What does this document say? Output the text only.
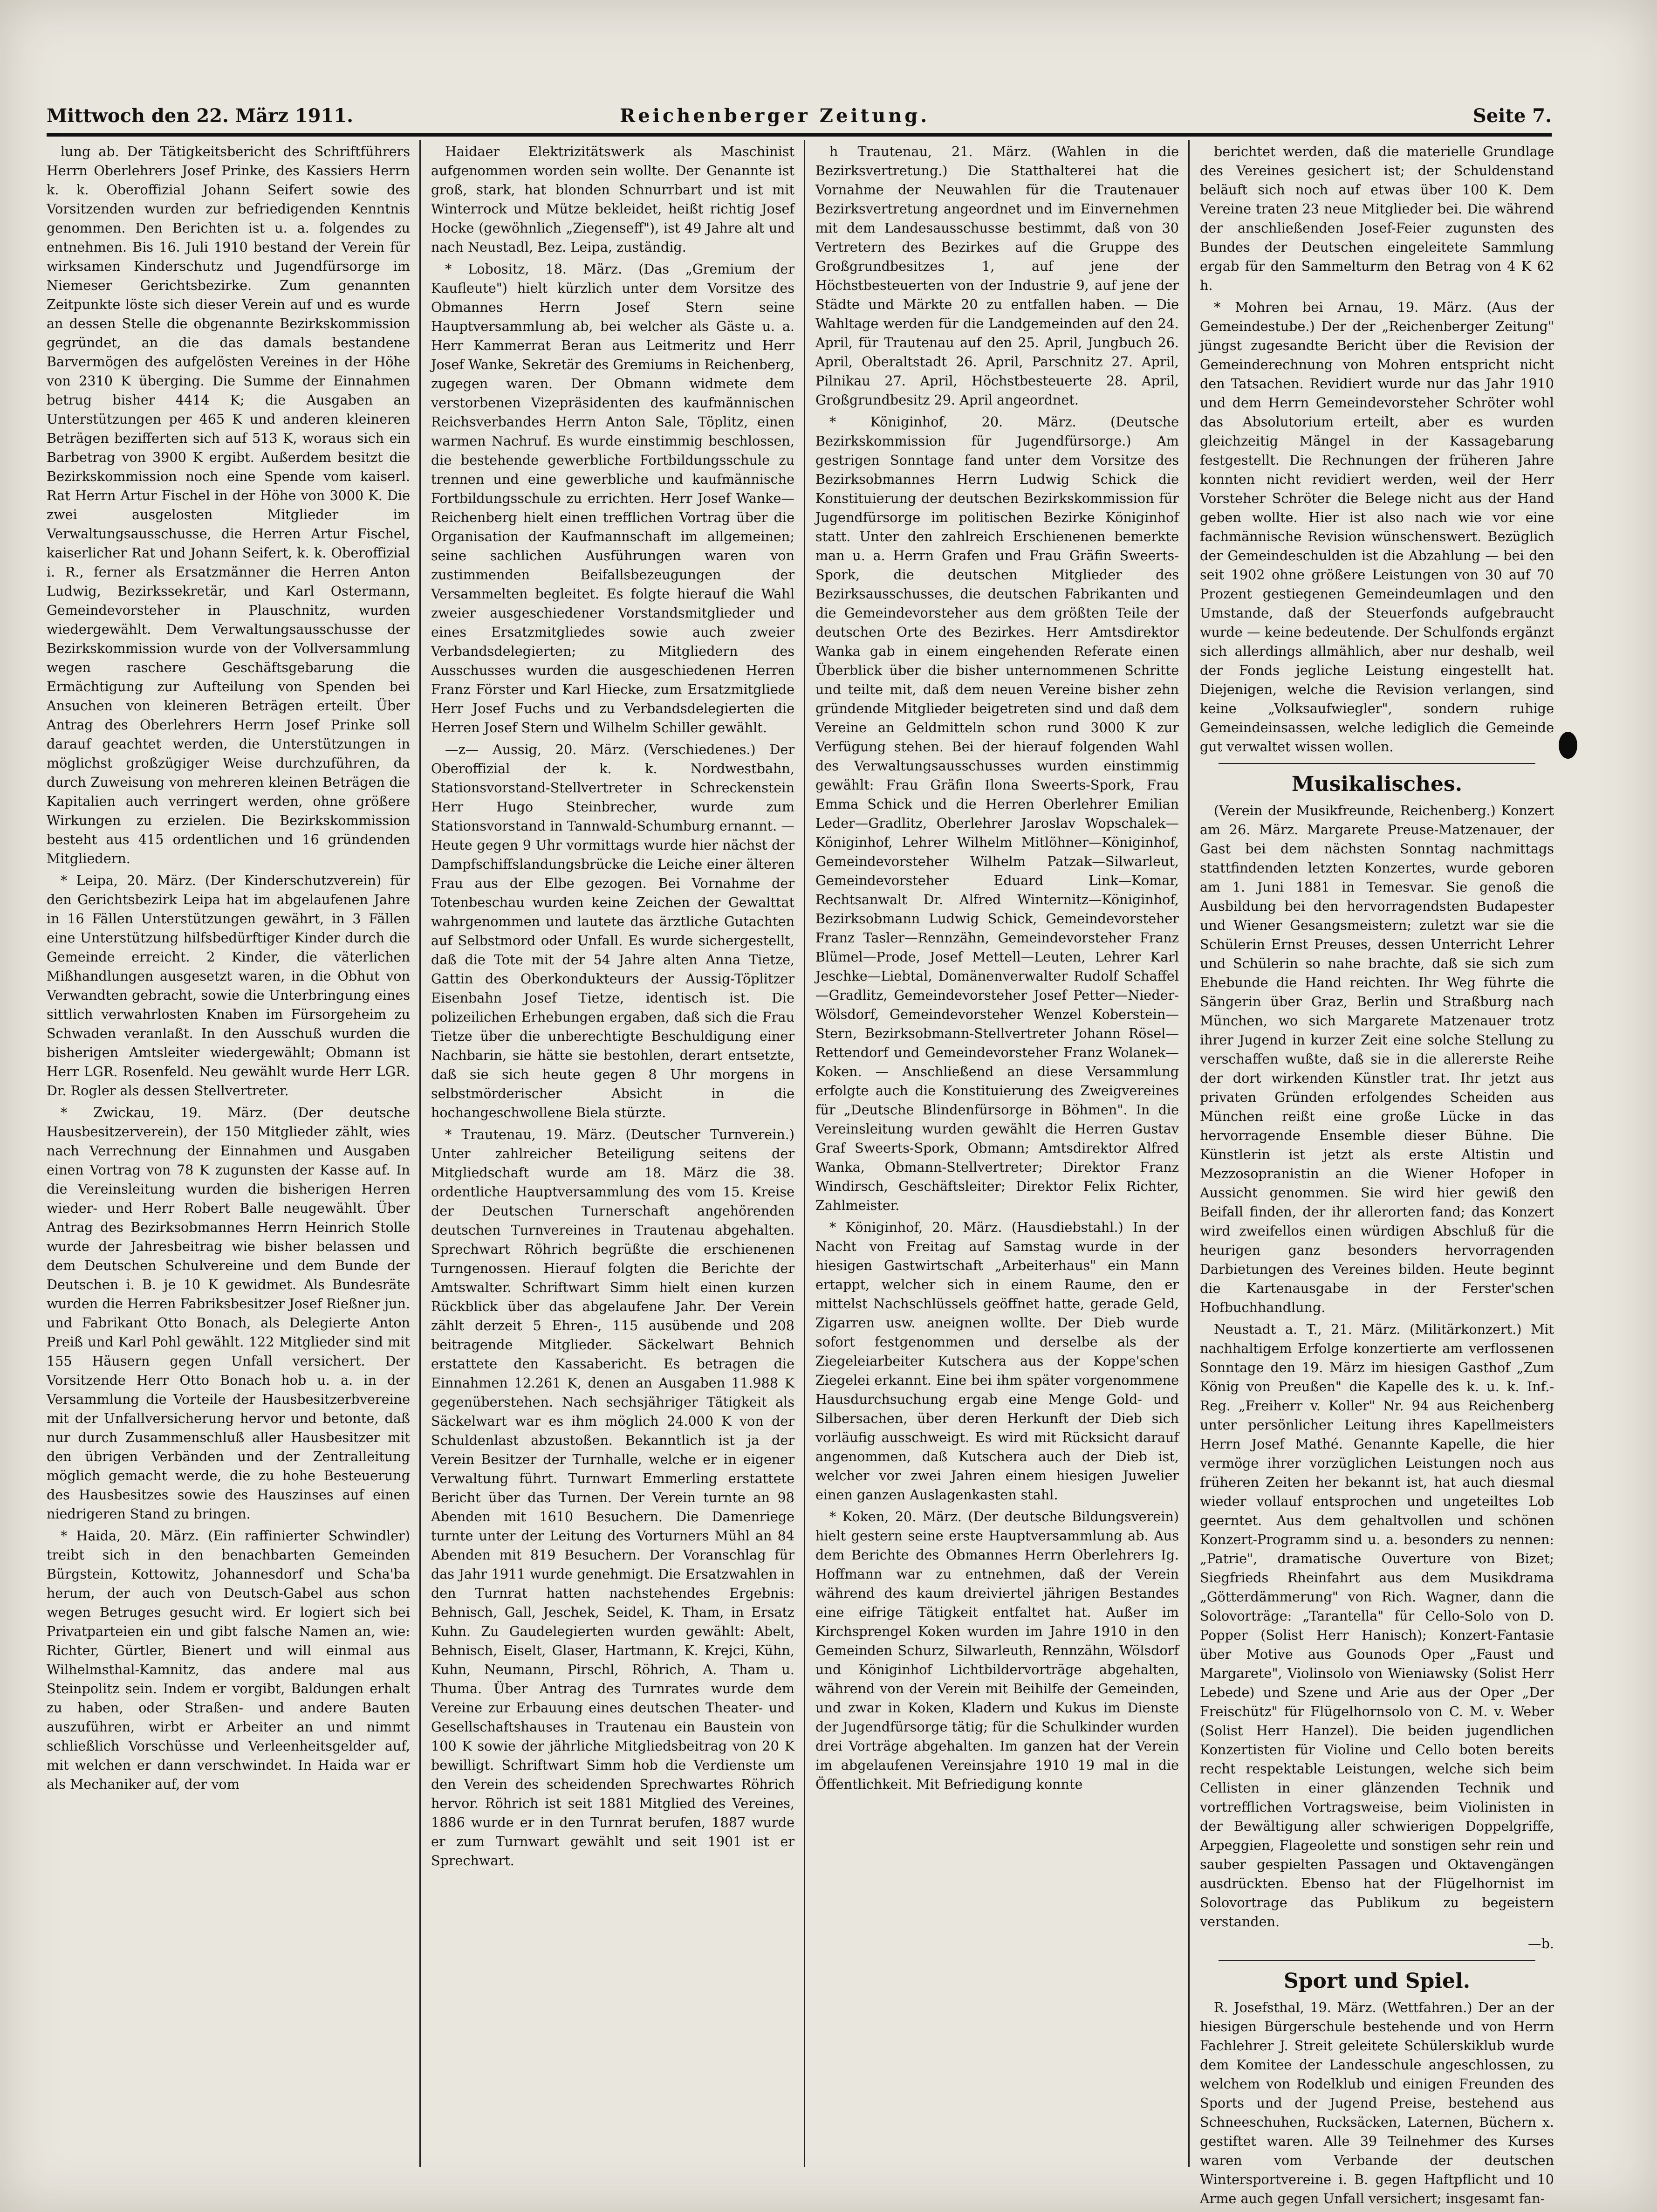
Mittwoch den 22. März 1911.	Reichenberger Zeitung.	Seite 7.

lung ab. Der Tätigkeitsbericht des Schriftführers Herrn Oberlehrers Josef Prinke, des Kassiers Herrn k. k. Oberoffizial Johann Seifert sowie des Vorsitzenden wurden zur befriedigenden Kenntnis genommen. Den Berichten ist u. a. folgendes zu entnehmen. Bis 16. Juli 1910 bestand der Verein für wirksamen Kinderschutz und Jugendfürsorge im Niemeser Gerichtsbezirke. Zum genannten Zeitpunkte löste sich dieser Verein auf und es wurde an dessen Stelle die obgenannte Bezirkskommission gegründet, an die das damals bestandene Barvermögen des aufgelösten Vereines in der Höhe von 2310 K überging. Die Summe der Einnahmen betrug bisher 4414 K; die Ausgaben an Unterstützungen per 465 K und anderen kleineren Beträgen bezifferten sich auf 513 K, woraus sich ein Barbetrag von 3900 K ergibt. Außerdem besitzt die Bezirkskommission noch eine Spende vom kaiserl. Rat Herrn Artur Fischel in der Höhe von 3000 K. Die zwei ausgelosten Mitglieder im Verwaltungsausschusse, die Herren Artur Fischel, kaiserlicher Rat und Johann Seifert, k. k. Oberoffizial i. R., ferner als Ersatzmänner die Herren Anton Ludwig, Bezirkssekretär, und Karl Ostermann, Gemeindevorsteher in Plauschnitz, wurden wiedergewählt. Dem Verwaltungsausschusse der Bezirkskommission wurde von der Vollversammlung wegen raschere Geschäftsgebarung die Ermächtigung zur Aufteilung von Spenden bei Ansuchen von kleineren Beträgen erteilt. Über Antrag des Oberlehrers Herrn Josef Prinke soll darauf geachtet werden, die Unterstützungen in möglichst großzügiger Weise durchzuführen, da durch Zuweisung von mehreren kleinen Beträgen die Kapitalien auch verringert werden, ohne größere Wirkungen zu erzielen. Die Bezirkskommission besteht aus 415 ordentlichen und 16 gründenden Mitgliedern.

* Leipa, 20. März. (Der Kinderschutzverein) für den Gerichtsbezirk Leipa hat im abgelaufenen Jahre in 16 Fällen Unterstützungen gewährt, in 3 Fällen eine Unterstützung hilfsbedürftiger Kinder durch die Gemeinde erreicht. 2 Kinder, die väterlichen Mißhandlungen ausgesetzt waren, in die Obhut von Verwandten gebracht, sowie die Unterbringung eines sittlich verwahrlosten Knaben im Fürsorgeheim zu Schwaden veranlaßt. In den Ausschuß wurden die bisherigen Amtsleiter wiedergewählt; Obmann ist Herr LGR. Rosenfeld. Neu gewählt wurde Herr LGR. Dr. Rogler als dessen Stellvertreter.

* Zwickau, 19. März. (Der deutsche Hausbesitzerverein), der 150 Mitglieder zählt, wies nach Verrechnung der Einnahmen und Ausgaben einen Vortrag von 78 K zugunsten der Kasse auf. In die Vereinsleitung wurden die bisherigen Herren wieder- und Herr Robert Balle neugewählt. Über Antrag des Bezirksobmannes Herrn Heinrich Stolle wurde der Jahresbeitrag wie bisher belassen und dem Deutschen Schulvereine und dem Bunde der Deutschen i. B. je 10 K gewidmet. Als Bundesräte wurden die Herren Fabriksbesitzer Josef Rießner jun. und Fabrikant Otto Bonach, als Delegierte Anton Preiß und Karl Pohl gewählt. 122 Mitglieder sind mit 155 Häusern gegen Unfall versichert. Der Vorsitzende Herr Otto Bonach hob u. a. in der Versammlung die Vorteile der Hausbesitzerbvereine mit der Unfallversicherung hervor und betonte, daß nur durch Zusammenschluß aller Hausbesitzer mit den übrigen Verbänden und der Zentralleitung möglich gemacht werde, die zu hohe Besteuerung des Hausbesitzes sowie des Hauszinses auf einen niedrigeren Stand zu bringen.

* Haida, 20. März. (Ein raffinierter Schwindler) treibt sich in den benachbarten Gemeinden Bürgstein, Kottowitz, Johannesdorf und Scha'ba herum, der auch von Deutsch-Gabel aus schon wegen Betruges gesucht wird. Er logiert sich bei Privatparteien ein und gibt falsche Namen an, wie: Richter, Gürtler, Bienert und will einmal aus Wilhelmsthal-Kamnitz, das andere mal aus Steinpolitz sein. Indem er vorgibt, Baldungen erhalt zu haben, oder Straßen- und andere Bauten auszuführen, wirbt er Arbeiter an und nimmt schließlich Vorschüsse und Verleenheitsgelder auf, mit welchen er dann verschwindet. In Haida war er als Mechaniker auf, der vom

Haidaer Elektrizitätswerk als Maschinist aufgenommen worden sein wollte. Der Genannte ist groß, stark, hat blonden Schnurrbart und ist mit Winterrock und Mütze bekleidet, heißt richtig Josef Hocke (gewöhnlich „Ziegenseff"), ist 49 Jahre alt und nach Neustadl, Bez. Leipa, zuständig.

* Lobositz, 18. März. (Das „Gremium der Kaufleute") hielt kürzlich unter dem Vorsitze des Obmannes Herrn Josef Stern seine Hauptversammlung ab, bei welcher als Gäste u. a. Herr Kammerrat Beran aus Leitmeritz und Herr Josef Wanke, Sekretär des Gremiums in Reichenberg, zugegen waren. Der Obmann widmete dem verstorbenen Vizepräsidenten des kaufmännischen Reichsverbandes Herrn Anton Sale, Töplitz, einen warmen Nachruf. Es wurde einstimmig beschlossen, die bestehende gewerbliche Fortbildungsschule zu trennen und eine gewerbliche und kaufmännische Fortbildungsschule zu errichten. Herr Josef Wanke—Reichenberg hielt einen trefflichen Vortrag über die Organisation der Kaufmannschaft im allgemeinen; seine sachlichen Ausführungen waren von zustimmenden Beifallsbezeugungen der Versammelten begleitet. Es folgte hierauf die Wahl zweier ausgeschiedener Vorstandsmitglieder und eines Ersatzmitgliedes sowie auch zweier Verbandsdelegierten; zu Mitgliedern des Ausschusses wurden die ausgeschiedenen Herren Franz Förster und Karl Hiecke, zum Ersatzmitgliede Herr Josef Fuchs und zu Verbandsdelegierten die Herren Josef Stern und Wilhelm Schiller gewählt.

—z— Aussig, 20. März. (Verschiedenes.) Der Oberoffizial der k. k. Nordwestbahn, Stationsvorstand-Stellvertreter in Schreckenstein Herr Hugo Steinbrecher, wurde zum Stationsvorstand in Tannwald-Schumburg ernannt. — Heute gegen 9 Uhr vormittags wurde hier nächst der Dampfschiffslandungsbrücke die Leiche einer älteren Frau aus der Elbe gezogen. Bei Vornahme der Totenbeschau wurden keine Zeichen der Gewalttat wahrgenommen und lautete das ärztliche Gutachten auf Selbstmord oder Unfall. Es wurde sichergestellt, daß die Tote mit der 54 Jahre alten Anna Tietze, Gattin des Oberkondukteurs der Aussig-Töplitzer Eisenbahn Josef Tietze, identisch ist. Die polizeilichen Erhebungen ergaben, daß sich die Frau Tietze über die unberechtigte Beschuldigung einer Nachbarin, sie hätte sie bestohlen, derart entsetzte, daß sie sich heute gegen 8 Uhr morgens in selbstmörderischer Absicht in die hochangeschwollene Biela stürzte.

* Trautenau, 19. März. (Deutscher Turnverein.) Unter zahlreicher Beteiligung seitens der Mitgliedschaft wurde am 18. März die 38. ordentliche Hauptversammlung des vom 15. Kreise der Deutschen Turnerschaft angehörenden deutschen Turnvereines in Trautenau abgehalten. Sprechwart Röhrich begrüßte die erschienenen Turngenossen. Hierauf folgten die Berichte der Amtswalter. Schriftwart Simm hielt einen kurzen Rückblick über das abgelaufene Jahr. Der Verein zählt derzeit 5 Ehren-, 115 ausübende und 208 beitragende Mitglieder. Säckelwart Behnich erstattete den Kassabericht. Es betragen die Einnahmen 12.261 K, denen an Ausgaben 11.988 K gegenüberstehen. Nach sechsjähriger Tätigkeit als Säckelwart war es ihm möglich 24.000 K von der Schuldenlast abzustoßen. Bekanntlich ist ja der Verein Besitzer der Turnhalle, welche er in eigener Verwaltung führt. Turnwart Emmerling erstattete Bericht über das Turnen. Der Verein turnte an 98 Abenden mit 1610 Besuchern. Die Damenriege turnte unter der Leitung des Vorturners Mühl an 84 Abenden mit 819 Besuchern. Der Voranschlag für das Jahr 1911 wurde genehmigt. Die Ersatzwahlen in den Turnrat hatten nachstehendes Ergebnis: Behnisch, Gall, Jeschek, Seidel, K. Tham, in Ersatz Kuhn. Zu Gaudelegierten wurden gewählt: Abelt, Behnisch, Eiselt, Glaser, Hartmann, K. Krejci, Kühn, Kuhn, Neumann, Pirschl, Röhrich, A. Tham u. Thuma. Über Antrag des Turnrates wurde dem Vereine zur Erbauung eines deutschen Theater- und Gesellschaftshauses in Trautenau ein Baustein von 100 K sowie der jährliche Mitgliedsbeitrag von 20 K bewilligt. Schriftwart Simm hob die Verdienste um den Verein des scheidenden Sprechwartes Röhrich hervor. Röhrich ist seit 1881 Mitglied des Vereines, 1886 wurde er in den Turnrat berufen, 1887 wurde er zum Turnwart gewählt und seit 1901 ist er Sprechwart.

h Trautenau, 21. März. (Wahlen in die Bezirksvertretung.) Die Statthalterei hat die Vornahme der Neuwahlen für die Trautenauer Bezirksvertretung angeordnet und im Einvernehmen mit dem Landesausschusse bestimmt, daß von 30 Vertretern des Bezirkes auf die Gruppe des Großgrundbesitzes 1, auf jene der Höchstbesteuerten von der Industrie 9, auf jene der Städte und Märkte 20 zu entfallen haben. — Die Wahltage werden für die Landgemeinden auf den 24. April, für Trautenau auf den 25. April, Jungbuch 26. April, Oberaltstadt 26. April, Parschnitz 27. April, Pilnikau 27. April, Höchstbesteuerte 28. April, Großgrundbesitz 29. April angeordnet.

* Königinhof, 20. März. (Deutsche Bezirkskommission für Jugendfürsorge.) Am gestrigen Sonntage fand unter dem Vorsitze des Bezirksobmannes Herrn Ludwig Schick die Konstituierung der deutschen Bezirkskommission für Jugendfürsorge im politischen Bezirke Königinhof statt. Unter den zahlreich Erschienenen bemerkte man u. a. Herrn Grafen und Frau Gräfin Sweerts-Spork, die deutschen Mitglieder des Bezirksausschusses, die deutschen Fabrikanten und die Gemeindevorsteher aus dem größten Teile der deutschen Orte des Bezirkes. Herr Amtsdirektor Wanka gab in einem eingehenden Referate einen Überblick über die bisher unternommenen Schritte und teilte mit, daß dem neuen Vereine bisher zehn gründende Mitglieder beigetreten sind und daß dem Vereine an Geldmitteln schon rund 3000 K zur Verfügung stehen. Bei der hierauf folgenden Wahl des Verwaltungsausschusses wurden einstimmig gewählt: Frau Gräfin Ilona Sweerts-Spork, Frau Emma Schick und die Herren Oberlehrer Emilian Leder—Gradlitz, Oberlehrer Jaroslav Wopschalek—Königinhof, Lehrer Wilhelm Mitlöhner—Königinhof, Gemeindevorsteher Wilhelm Patzak—Silwarleut, Gemeindevorsteher Eduard Link—Komar, Rechtsanwalt Dr. Alfred Winternitz—Königinhof, Bezirksobmann Ludwig Schick, Gemeindevorsteher Franz Tasler—Rennzähn, Gemeindevorsteher Franz Blümel—Prode, Josef Mettell—Leuten, Lehrer Karl Jeschke—Liebtal, Domänenverwalter Rudolf Schaffel—Gradlitz, Gemeindevorsteher Josef Petter—Nieder-Wölsdorf, Gemeindevorsteher Wenzel Koberstein—Stern, Bezirksobmann-Stellvertreter Johann Rösel—Rettendorf und Gemeindevorsteher Franz Wolanek—Koken. — Anschließend an diese Versammlung erfolgte auch die Konstituierung des Zweigvereines für „Deutsche Blindenfürsorge in Böhmen". In die Vereinsleitung wurden gewählt die Herren Gustav Graf Sweerts-Spork, Obmann; Amtsdirektor Alfred Wanka, Obmann-Stellvertreter; Direktor Franz Windirsch, Geschäftsleiter; Direktor Felix Richter, Zahlmeister.

* Königinhof, 20. März. (Hausdiebstahl.) In der Nacht von Freitag auf Samstag wurde in der hiesigen Gastwirtschaft „Arbeiterhaus" ein Mann ertappt, welcher sich in einem Raume, den er mittelst Nachschlüssels geöffnet hatte, gerade Geld, Zigarren usw. aneignen wollte. Der Dieb wurde sofort festgenommen und derselbe als der Ziegeleiarbeiter Kutschera aus der Koppe'schen Ziegelei erkannt. Eine bei ihm später vorgenommene Hausdurchsuchung ergab eine Menge Gold- und Silbersachen, über deren Herkunft der Dieb sich vorläufig ausschweigt. Es wird mit Rücksicht darauf angenommen, daß Kutschera auch der Dieb ist, welcher vor zwei Jahren einem hiesigen Juwelier einen ganzen Auslagenkasten stahl.

* Koken, 20. März. (Der deutsche Bildungsverein) hielt gestern seine erste Hauptversammlung ab. Aus dem Berichte des Obmannes Herrn Oberlehrers Ig. Hoffmann war zu entnehmen, daß der Verein während des kaum dreiviertel jährigen Bestandes eine eifrige Tätigkeit entfaltet hat. Außer im Kirchsprengel Koken wurden im Jahre 1910 in den Gemeinden Schurz, Silwarleuth, Rennzähn, Wölsdorf und Königinhof Lichtbildervorträge abgehalten, während von der Verein mit Beihilfe der Gemeinden, und zwar in Koken, Kladern und Kukus im Dienste der Jugendfürsorge tätig; für die Schulkinder wurden drei Vorträge abgehalten. Im ganzen hat der Verein im abgelaufenen Vereinsjahre 1910 19 mal in die Öffentlichkeit. Mit Befriedigung konnte

berichtet werden, daß die materielle Grundlage des Vereines gesichert ist; der Schuldenstand beläuft sich noch auf etwas über 100 K. Dem Vereine traten 23 neue Mitglieder bei. Die während der anschließenden Josef-Feier zugunsten des Bundes der Deutschen eingeleitete Sammlung ergab für den Sammelturm den Betrag von 4 K 62 h.

* Mohren bei Arnau, 19. März. (Aus der Gemeindestube.) Der der „Reichenberger Zeitung" jüngst zugesandte Bericht über die Revision der Gemeinderechnung von Mohren entspricht nicht den Tatsachen. Revidiert wurde nur das Jahr 1910 und dem Herrn Gemeindevorsteher Schröter wohl das Absolutorium erteilt, aber es wurden gleichzeitig Mängel in der Kassagebarung festgestellt. Die Rechnungen der früheren Jahre konnten nicht revidiert werden, weil der Herr Vorsteher Schröter die Belege nicht aus der Hand geben wollte. Hier ist also nach wie vor eine fachmännische Revision wünschenswert. Bezüglich der Gemeindeschulden ist die Abzahlung — bei den seit 1902 ohne größere Leistungen von 30 auf 70 Prozent gestiegenen Gemeindeumlagen und den Umstande, daß der Steuerfonds aufgebraucht wurde — keine bedeutende. Der Schulfonds ergänzt sich allerdings allmählich, aber nur deshalb, weil der Fonds jegliche Leistung eingestellt hat. Diejenigen, welche die Revision verlangen, sind keine „Volksaufwiegler", sondern ruhige Gemeindeinsassen, welche lediglich die Gemeinde gut verwaltet wissen wollen.

Musikalisches.

(Verein der Musikfreunde, Reichenberg.) Konzert am 26. März. Margarete Preuse-Matzenauer, der Gast bei dem nächsten Sonntag nachmittags stattfindenden letzten Konzertes, wurde geboren am 1. Juni 1881 in Temesvar. Sie genoß die Ausbildung bei den hervorragendsten Budapester und Wiener Gesangsmeistern; zuletzt war sie die Schülerin Ernst Preuses, dessen Unterricht Lehrer und Schülerin so nahe brachte, daß sie sich zum Ehebunde die Hand reichten. Ihr Weg führte die Sängerin über Graz, Berlin und Straßburg nach München, wo sich Margarete Matzenauer trotz ihrer Jugend in kurzer Zeit eine solche Stellung zu verschaffen wußte, daß sie in die allererste Reihe der dort wirkenden Künstler trat. Ihr jetzt aus privaten Gründen erfolgendes Scheiden aus München reißt eine große Lücke in das hervorragende Ensemble dieser Bühne. Die Künstlerin ist jetzt als erste Altistin und Mezzosopranistin an die Wiener Hofoper in Aussicht genommen. Sie wird hier gewiß den Beifall finden, der ihr allerorten fand; das Konzert wird zweifellos einen würdigen Abschluß für die heurigen ganz besonders hervorragenden Darbietungen des Vereines bilden. Heute beginnt die Kartenausgabe in der Ferster'schen Hofbuchhandlung.

Neustadt a. T., 21. März. (Militärkonzert.) Mit nachhaltigem Erfolge konzertierte am verflossenen Sonntage den 19. März im hiesigen Gasthof „Zum König von Preußen" die Kapelle des k. u. k. Inf.-Reg. „Freiherr v. Koller" Nr. 94 aus Reichenberg unter persönlicher Leitung ihres Kapellmeisters Herrn Josef Mathé. Genannte Kapelle, die hier vermöge ihrer vorzüglichen Leistungen noch aus früheren Zeiten her bekannt ist, hat auch diesmal wieder vollauf entsprochen und ungeteiltes Lob geerntet. Aus dem gehaltvollen und schönen Konzert-Programm sind u. a. besonders zu nennen: „Patrie", dramatische Ouverture von Bizet; Siegfrieds Rheinfahrt aus dem Musikdrama „Götterdämmerung" von Rich. Wagner, dann die Solovorträge: „Tarantella" für Cello-Solo von D. Popper (Solist Herr Hanisch); Konzert-Fantasie über Motive aus Gounods Oper „Faust und Margarete", Violinsolo von Wieniawsky (Solist Herr Lebede) und Szene und Arie aus der Oper „Der Freischütz" für Flügelhornsolo von C. M. v. Weber (Solist Herr Hanzel). Die beiden jugendlichen Konzertisten für Violine und Cello boten bereits recht respektable Leistungen, welche sich beim Cellisten in einer glänzenden Technik und vortrefflichen Vortragsweise, beim Violinisten in der Bewältigung aller schwierigen Doppelgriffe, Arpeggien, Flageolette und sonstigen sehr rein und sauber gespielten Passagen und Oktavengängen ausdrückten. Ebenso hat der Flügelhornist im Solovortrage das Publikum zu begeistern verstanden.

—b.

Sport und Spiel.

R. Josefsthal, 19. März. (Wettfahren.) Der an der hiesigen Bürgerschule bestehende und von Herrn Fachlehrer J. Streit geleitete Schülerskiklub wurde dem Komitee der Landesschule angeschlossen, zu welchem von Rodelklub und einigen Freunden des Sports und der Jugend Preise, bestehend aus Schneeschuhen, Rucksäcken, Laternen, Büchern x. gestiftet waren. Alle 39 Teilnehmer des Kurses waren vom Verbande der deutschen Wintersportvereine i. B. gegen Haftpflicht und 10 Arme auch gegen Unfall versichert; insgesamt fan-
